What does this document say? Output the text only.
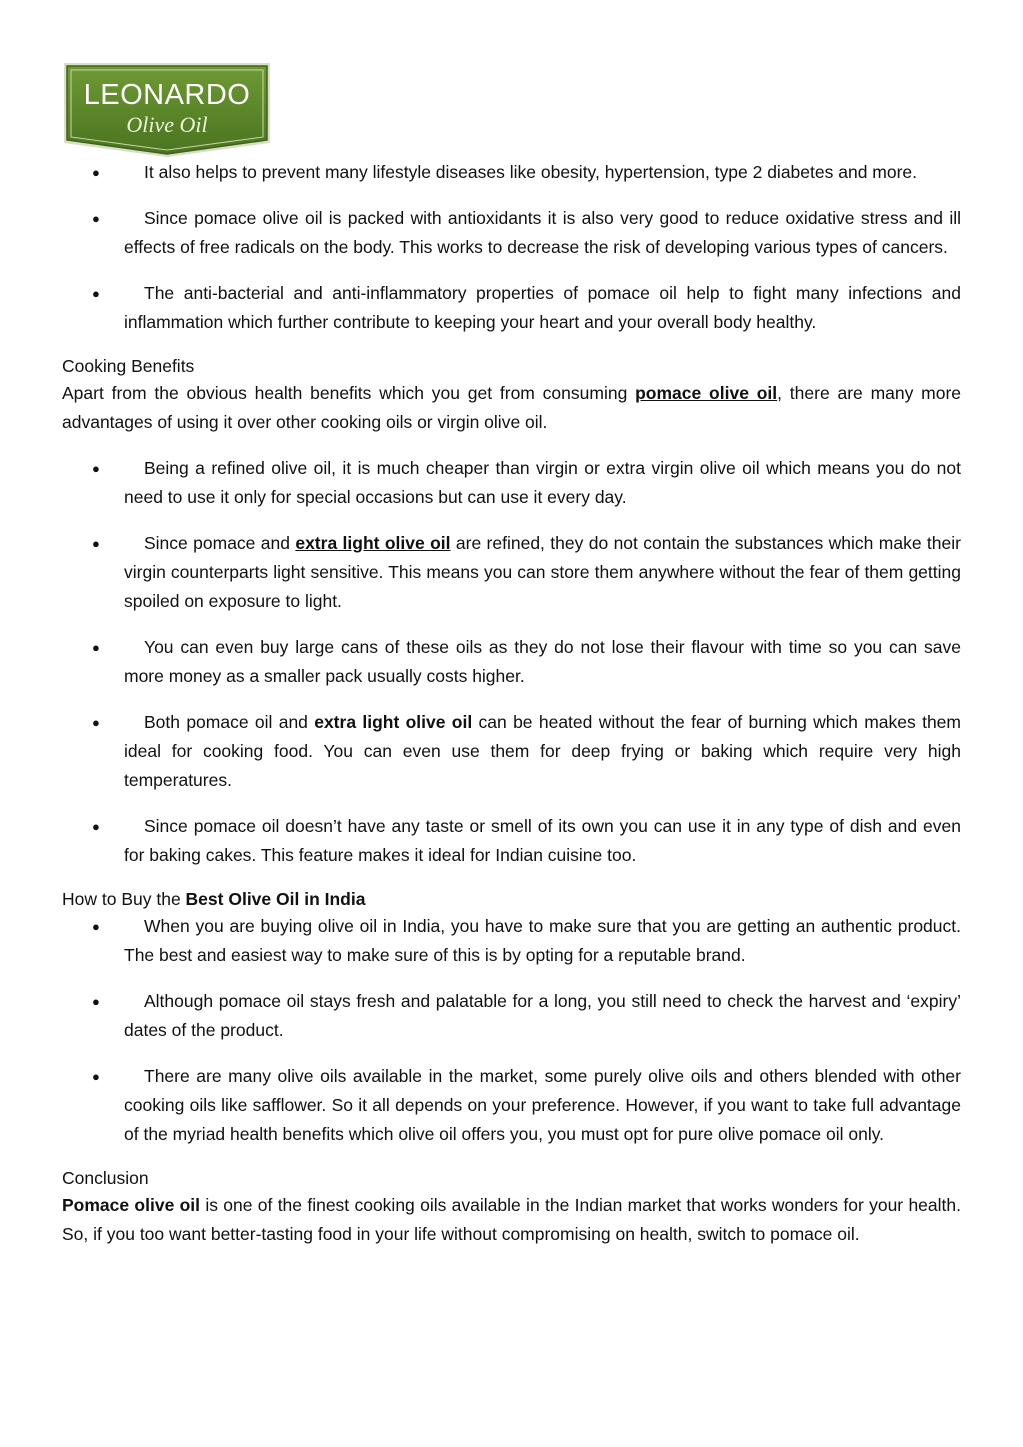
LEONARDO
Olive Oil
●	It also helps to prevent many lifestyle diseases like obesity, hypertension, type 2 diabetes and more.
●	Since pomace olive oil is packed with antioxidants it is also very good to reduce oxidative stress and ill effects of free radicals on the body. This works to decrease the risk of developing various types of cancers.
●	The anti-bacterial and anti-inflammatory properties of pomace oil help to fight many infections and inflammation which further contribute to keeping your heart and your overall body healthy.

Cooking Benefits

Apart from the obvious health benefits which you get from consuming pomace olive oil, there are many more advantages of using it over other cooking oils or virgin olive oil.

●	Being a refined olive oil, it is much cheaper than virgin or extra virgin olive oil which means you do not need to use it only for special occasions but can use it every day.
●	Since pomace and extra light olive oil are refined, they do not contain the substances which make their virgin counterparts light sensitive. This means you can store them anywhere without the fear of them getting spoiled on exposure to light.
●	You can even buy large cans of these oils as they do not lose their flavour with time so you can save more money as a smaller pack usually costs higher.
●	Both pomace oil and extra light olive oil can be heated without the fear of burning which makes them ideal for cooking food. You can even use them for deep frying or baking which require very high temperatures.
●	Since pomace oil doesn’t have any taste or smell of its own you can use it in any type of dish and even for baking cakes. This feature makes it ideal for Indian cuisine too.

How to Buy the Best Olive Oil in India

●	When you are buying olive oil in India, you have to make sure that you are getting an authentic product. The best and easiest way to make sure of this is by opting for a reputable brand.
●	Although pomace oil stays fresh and palatable for a long, you still need to check the harvest and ‘expiry’ dates of the product.
●	There are many olive oils available in the market, some purely olive oils and others blended with other cooking oils like safflower. So it all depends on your preference. However, if you want to take full advantage of the myriad health benefits which olive oil offers you, you must opt for pure olive pomace oil only.

Conclusion

Pomace olive oil is one of the finest cooking oils available in the Indian market that works wonders for your health. So, if you too want better-tasting food in your life without compromising on health, switch to pomace oil.
